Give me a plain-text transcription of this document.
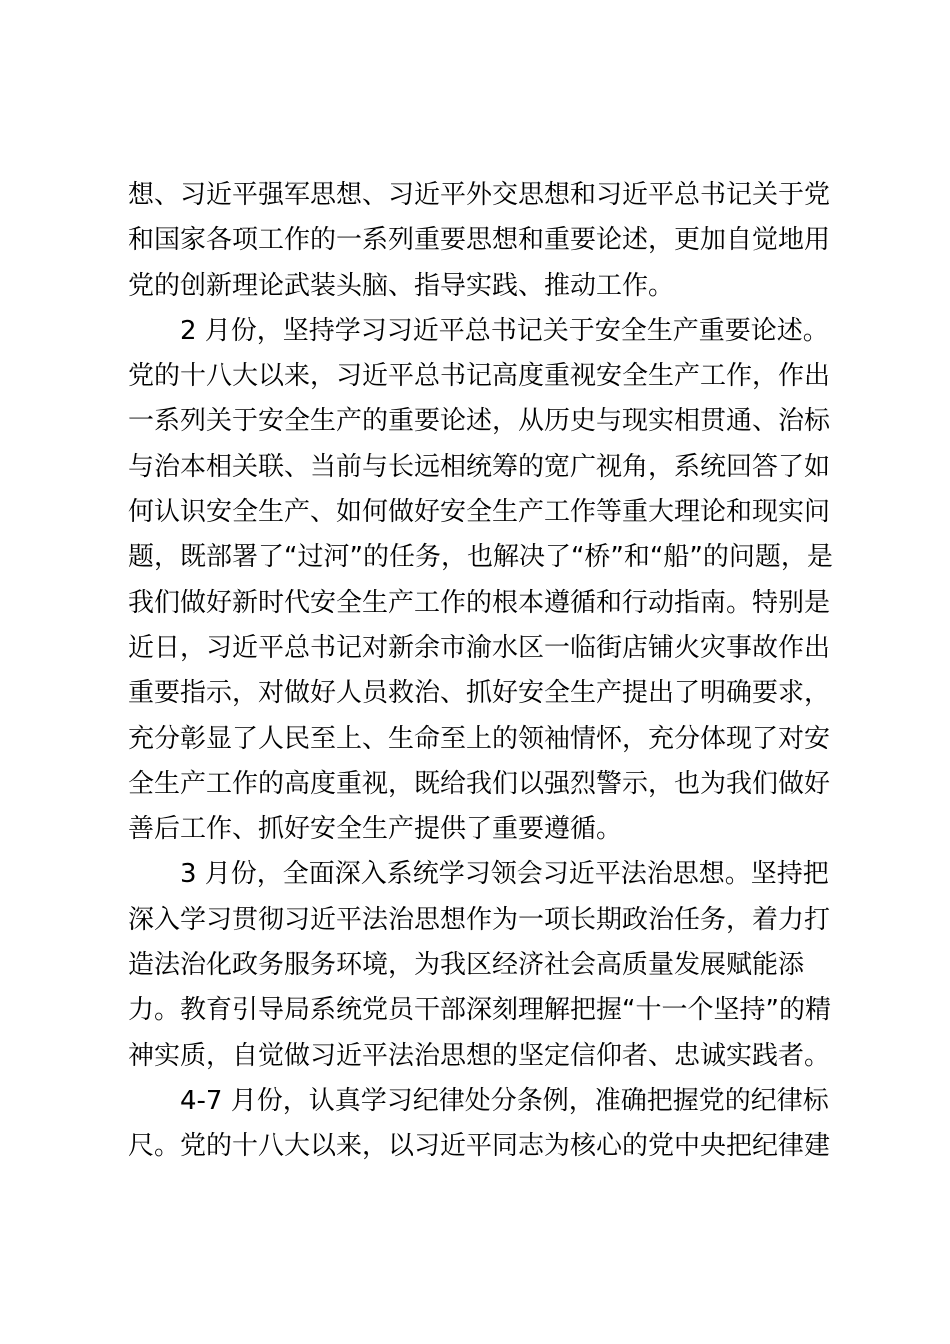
想、习近平强军思想、习近平外交思想和习近平总书记关于党
和国家各项工作的一系列重要思想和重要论述，更加自觉地用
党的创新理论武装头脑、指导实践、推动工作。

2 月份，坚持学习习近平总书记关于安全生产重要论述。
党的十八大以来，习近平总书记高度重视安全生产工作，作出
一系列关于安全生产的重要论述，从历史与现实相贯通、治标
与治本相关联、当前与长远相统筹的宽广视角，系统回答了如
何认识安全生产、如何做好安全生产工作等重大理论和现实问
题，既部署了“过河”的任务，也解决了“桥”和“船”的问题，是
我们做好新时代安全生产工作的根本遵循和行动指南。特别是
近日，习近平总书记对新余市渝水区一临街店铺火灾事故作出
重要指示，对做好人员救治、抓好安全生产提出了明确要求，
充分彰显了人民至上、生命至上的领袖情怀，充分体现了对安
全生产工作的高度重视，既给我们以强烈警示，也为我们做好
善后工作、抓好安全生产提供了重要遵循。

3 月份，全面深入系统学习领会习近平法治思想。坚持把
深入学习贯彻习近平法治思想作为一项长期政治任务，着力打
造法治化政务服务环境，为我区经济社会高质量发展赋能添
力。教育引导局系统党员干部深刻理解把握“十一个坚持”的精
神实质，自觉做习近平法治思想的坚定信仰者、忠诚实践者。

4-7 月份，认真学习纪律处分条例，准确把握党的纪律标
尺。党的十八大以来，以习近平同志为核心的党中央把纪律建
